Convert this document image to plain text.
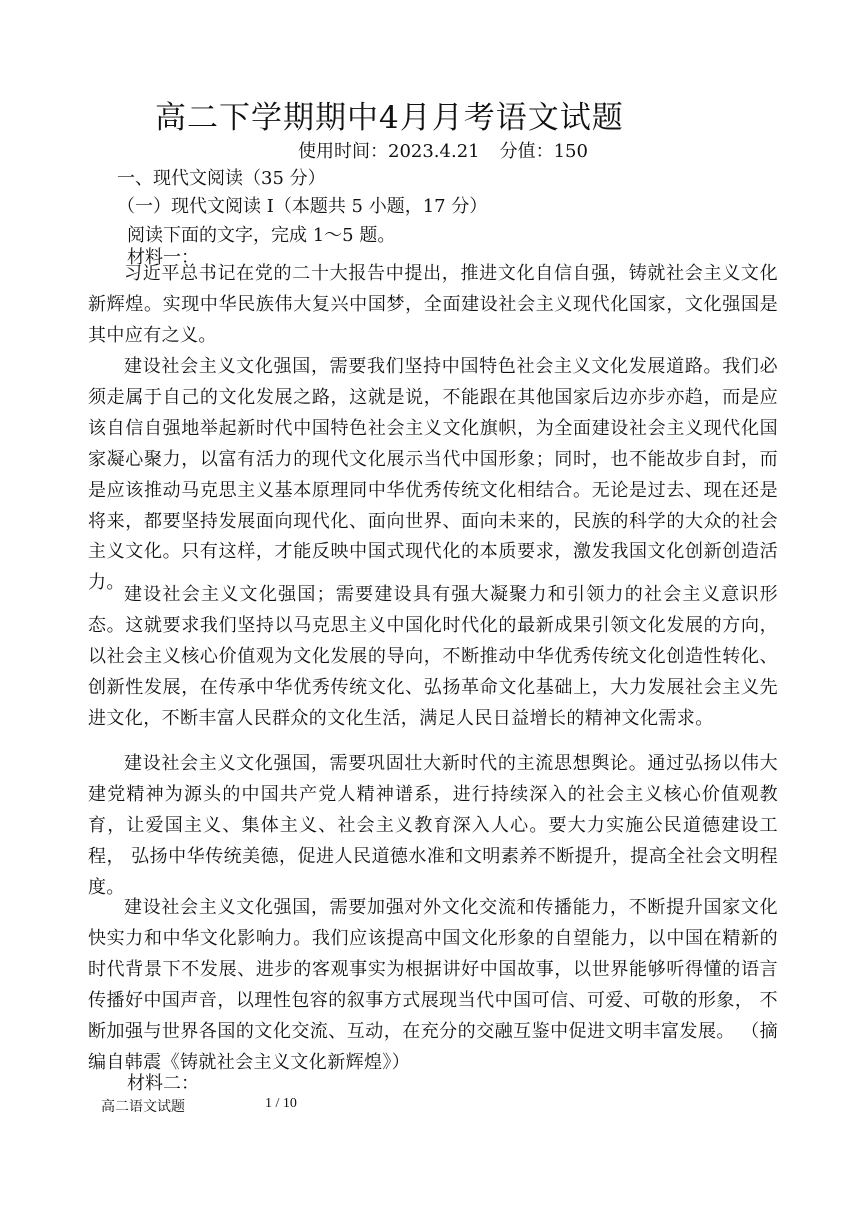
高二下学期期中4月月考语文试题
使用时间：2023.4.21 分值：150
一、现代文阅读（35 分）
（一）现代文阅读 I（本题共 5 小题，17 分）
阅读下面的文字，完成 1～5 题。
材料一：

习近平总书记在党的二十大报告中提出，推进文化自信自强，铸就社会主义文化新辉煌。实现中华民族伟大复兴中国梦，全面建设社会主义现代化国家，文化强国是其中应有之义。

建设社会主义文化强国，需要我们坚持中国特色社会主义文化发展道路。我们必须走属于自己的文化发展之路，这就是说，不能跟在其他国家后边亦步亦趋，而是应该自信自强地举起新时代中国特色社会主义文化旗帜，为全面建设社会主义现代化国家凝心聚力，以富有活力的现代文化展示当代中国形象；同时，也不能故步自封，而是应该推动马克思主义基本原理同中华优秀传统文化相结合。无论是过去、现在还是将来，都要坚持发展面向现代化、面向世界、面向未来的，民族的科学的大众的社会主义文化。只有这样，才能反映中国式现代化的本质要求，激发我国文化创新创造活力。

建设社会主义文化强国；需要建设具有强大凝聚力和引领力的社会主义意识形态。这就要求我们坚持以马克思主义中国化时代化的最新成果引领文化发展的方向， 以社会主义核心价值观为文化发展的导向，不断推动中华优秀传统文化创造性转化、创新性发展，在传承中华优秀传统文化、弘扬革命文化基础上，大力发展社会主义先进文化，不断丰富人民群众的文化生活，满足人民日益增长的精神文化需求。

建设社会主义文化强国，需要巩固壮大新时代的主流思想舆论。通过弘扬以伟大建党精神为源头的中国共产党人精神谱系，进行持续深入的社会主义核心价值观教育，让爱国主义、集体主义、社会主义教育深入人心。要大力实施公民道德建设工程， 弘扬中华传统美德，促进人民道德水准和文明素养不断提升，提高全社会文明程度。

建设社会主义文化强国，需要加强对外文化交流和传播能力，不断提升国家文化快实力和中华文化影响力。我们应该提高中国文化形象的自望能力，以中国在精新的时代背景下不发展、进步的客观事实为根据讲好中国故事，以世界能够听得懂的语言传播好中国声音，以理性包容的叙事方式展现当代中国可信、可爱、可敬的形象， 不断加强与世界各国的文化交流、互动，在充分的交融互鉴中促进文明丰富发展。 （摘编自韩震《铸就社会主义文化新辉煌》）

材料二：
高二语文试题	1 / 10
